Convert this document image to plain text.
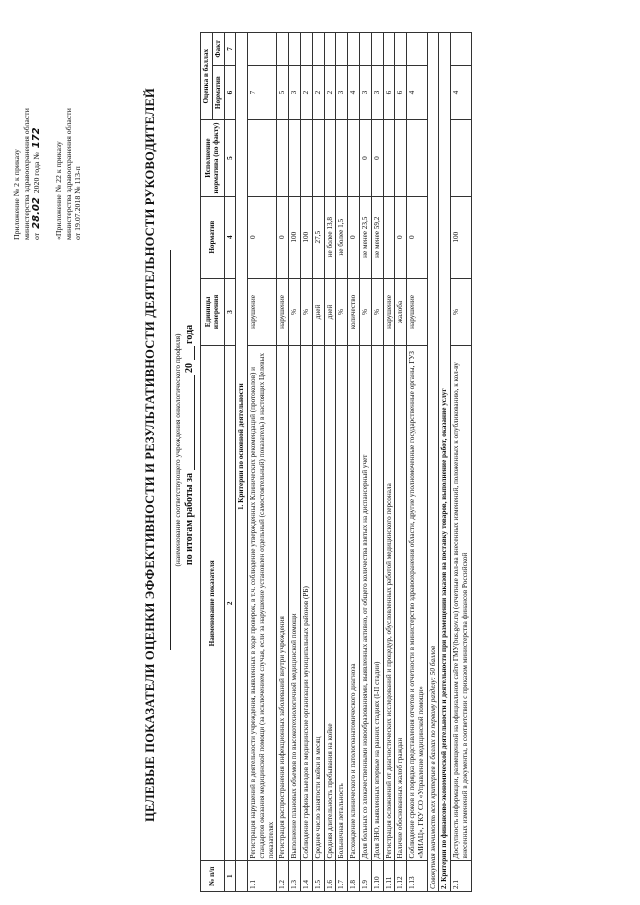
Приложение № 2 к приказу министерства здравоохранения области от 28.02 2020 года № 172
«Приложение № 22 к приказу министерства здравоохранения области от 19.07.2018 № 113-п	ЦЕЛЕВЫЕ ПОКАЗАТЕЛИ ОЦЕНКИ ЭФФЕКТИВНОСТИ И РЕЗУЛЬТАТИВНОСТИ ДЕЯТЕЛЬНОСТИ РУКОВОДИТЕЛЕЙ	(наименование соответствующего учреждения онкологического профиля) по итогам работы за  20  года
№ п/п	Наименование показателя	Единицы измерения	Норматив	Исполнение норматива (по факту)	Оценка в баллах	
					Норматив	Факт
1	2	3	4	5	6	7
	1. Критерии по основной деятельности					
1.1	Регистрация нарушений в деятельности учреждения, выявленных в ходе проверок, в т.ч. соблюдение утвержденных Клинических рекомендаций (протоколов) и стандартов оказания медицинской помощи (за исключением случая, если за нарушение установлен отдельный (самостоятельный) показатель) в настоящих Целевых показателях	нарушение	0		7	
1.2	Регистрация распространения инфекционных заболеваний внутри учреждения	нарушение	0		5	
1.3	Выполнение плановых объемов по высокотехнологичной медицинской помощи	%	100		3	
1.4	Соблюдение графика выездов в медицинские организации муниципальных районов (РБ)	%	100		2	
1.5	Среднее число занятости койки в месяц	дней	27,5		2	
1.6	Средняя длительность пребывания на койке	дней	не более 13,8		2	
1.7	Больничная летальность	%	не более 1,5		3	
1.8	Расхождение клинического и патологоанатомического диагноза	количество	0		4	
1.9	Доля больных со злокачественными новообразованиями, выявленных активно, от общего количества взятых на диспансерный учет	%	не менее 23,5	0	3	
1.10	Доля ЗНО, выявленных впервые на ранних стадиях (I-II стадии)	%	не менее 59,2	0	3	
1.11	Регистрация осложнений от диагностических исследований и процедур, обусловленных работой медицинского персонала	нарушение			6	
1.12	Наличие обоснованных жалоб граждан	жалоба	0		6	
1.13	Соблюдение сроков и порядка представления отчетов и отчетности в министерство здравоохранения области, другие уполномоченные государственные органы, ГУЗ «МИАЦ», ГКУ СО «Управление медицинской помощи»	нарушение	0		4	
Совокупная значимость всех критериев в баллах по первому разделу: 50 баллов						
2. Критерии по финансово-экономической деятельности и деятельности при размещении заказов на поставку товаров, выполнение работ, оказание услуг						
2.1	Доступность информации, размещенной на официальном сайте ГМУ(bus.gov.ru) (отчетные кол-ва внесенных изменений, положенных к опубликованию, к кол-ву внесенных изменений в документы, в соответствии с приказом министерства финансов Российской	%	100		4	
